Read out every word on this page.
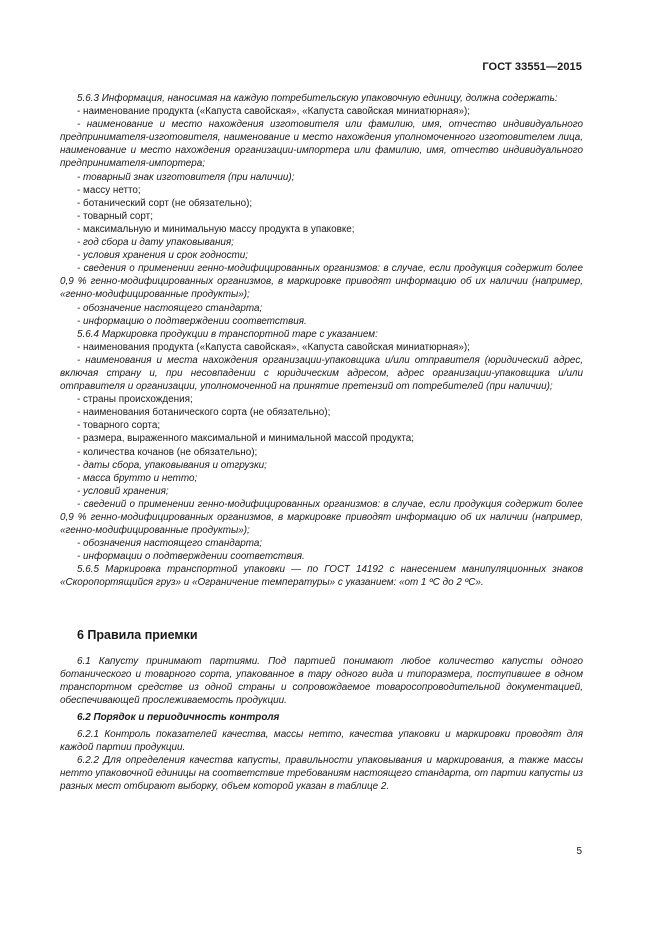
ГОСТ 33551—2015

5.6.3 Информация, наносимая на каждую потребительскую упаковочную единицу, должна содержать:

- наименование продукта («Капуста савойская», «Капуста савойская миниатюрная»);

- наименование и место нахождения изготовителя или фамилию, имя, отчество индивидуального предпринимателя-изготовителя, наименование и место нахождения уполномоченного изготовителем лица, наименование и место нахождения организации-импортера или фамилию, имя, отчество индивидуального предпринимателя-импортера;

- товарный знак изготовителя (при наличии);

- массу нетто;

- ботанический сорт (не обязательно);

- товарный сорт;

- максимальную и минимальную массу продукта в упаковке;

- год сбора и дату упаковывания;

- условия хранения и срок годности;

- сведения о применении генно-модифицированных организмов: в случае, если продукция содержит более 0,9 % генно-модифицированных организмов, в маркировке приводят информацию об их наличии (например, «генно-модифицированные продукты»);

- обозначение настоящего стандарта;

- информацию о подтверждении соответствия.

5.6.4 Маркировка продукции в транспортной таре с указанием:

- наименования продукта («Капуста савойская», «Капуста савойская миниатюрная»);

- наименования и места нахождения организации-упаковщика и/или отправителя (юридический адрес, включая страну и, при несовпадении с юридическим адресом, адрес организации-упаковщика и/или отправителя и организации, уполномоченной на принятие претензий от потребителей (при наличии);

- страны происхождения;

- наименования ботанического сорта (не обязательно);

- товарного сорта;

- размера, выраженного максимальной и минимальной массой продукта;

- количества кочанов (не обязательно);

- даты сбора, упаковывания и отгрузки;

- масса брутто и нетто;

- условий хранения;

- сведений о применении генно-модифицированных организмов: в случае, если продукция содержит более 0,9 % генно-модифицированных организмов, в маркировке приводят информацию об их наличии (например, «генно-модифицированные продукты»);

- обозначения настоящего стандарта;

- информации о подтверждении соответствия.

5.6.5 Маркировка транспортной упаковки — по ГОСТ 14192 с нанесением манипуляционных знаков «Скоропортящийся груз» и «Ограничение температуры» с указанием: «от 1 ºС до 2 ºС».

6 Правила приемки

6.1 Капусту принимают партиями. Под партией понимают любое количество капусты одного ботанического и товарного сорта, упакованное в тару одного вида и типоразмера, поступившее в одном транспортном средстве из одной страны и сопровождаемое товаросопроводительной документацией, обеспечивающей прослеживаемость продукции.

6.2 Порядок и периодичность контроля

6.2.1 Контроль показателей качества, массы нетто, качества упаковки и маркировки проводят для каждой партии продукции.

6.2.2 Для определения качества капусты, правильности упаковывания и маркирования, а также массы нетто упаковочной единицы на соответствие требованиям настоящего стандарта, от партии капусты из разных мест отбирают выборку, объем которой указан в таблице 2.

5
